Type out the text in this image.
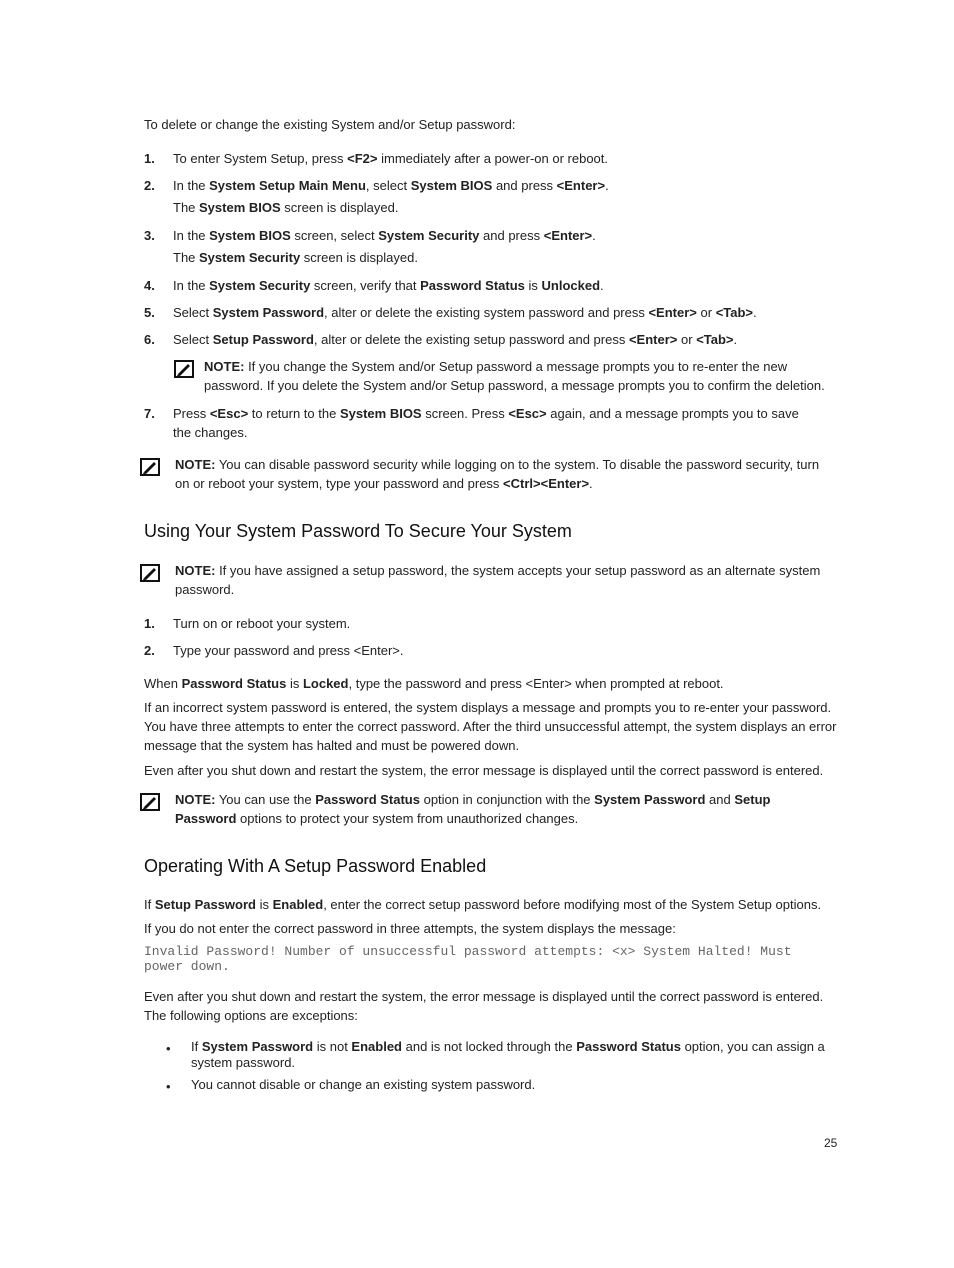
To delete or change the existing System and/or Setup password:
1. To enter System Setup, press <F2> immediately after a power-on or reboot.
2. In the System Setup Main Menu, select System BIOS and press <Enter>.
The System BIOS screen is displayed.
3. In the System BIOS screen, select System Security and press <Enter>.
The System Security screen is displayed.
4. In the System Security screen, verify that Password Status is Unlocked.
5. Select System Password, alter or delete the existing system password and press <Enter> or <Tab>.
6. Select Setup Password, alter or delete the existing setup password and press <Enter> or <Tab>.
NOTE: If you change the System and/or Setup password a message prompts you to re-enter the new password. If you delete the System and/or Setup password, a message prompts you to confirm the deletion.
7. Press <Esc> to return to the System BIOS screen. Press <Esc> again, and a message prompts you to save the changes.
NOTE: You can disable password security while logging on to the system. To disable the password security, turn on or reboot your system, type your password and press <Ctrl><Enter>.
Using Your System Password To Secure Your System
NOTE: If you have assigned a setup password, the system accepts your setup password as an alternate system password.
1. Turn on or reboot your system.
2. Type your password and press <Enter>.
When Password Status is Locked, type the password and press <Enter> when prompted at reboot.
If an incorrect system password is entered, the system displays a message and prompts you to re-enter your password. You have three attempts to enter the correct password. After the third unsuccessful attempt, the system displays an error message that the system has halted and must be powered down.
Even after you shut down and restart the system, the error message is displayed until the correct password is entered.
NOTE: You can use the Password Status option in conjunction with the System Password and Setup Password options to protect your system from unauthorized changes.
Operating With A Setup Password Enabled
If Setup Password is Enabled, enter the correct setup password before modifying most of the System Setup options.
If you do not enter the correct password in three attempts, the system displays the message:
Invalid Password! Number of unsuccessful password attempts: <x> System Halted! Must power down.
Even after you shut down and restart the system, the error message is displayed until the correct password is entered. The following options are exceptions:
• If System Password is not Enabled and is not locked through the Password Status option, you can assign a system password.
• You cannot disable or change an existing system password.
25
